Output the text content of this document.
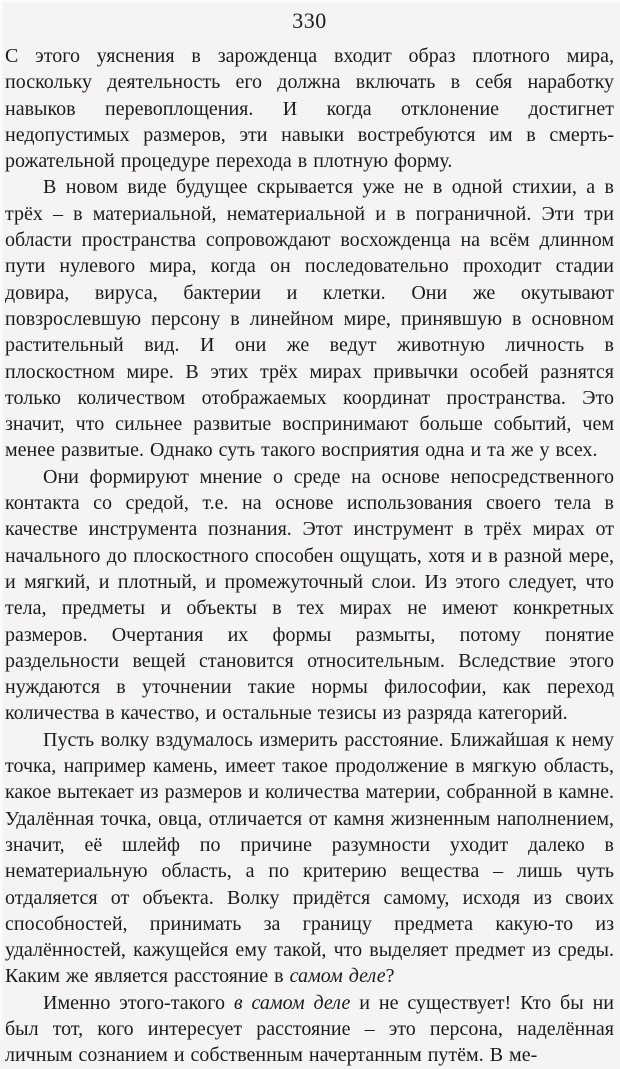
330

С этого уяснения в зарожденца входит образ плотного мира, поскольку деятельность его должна включать в себя наработку навыков перевоплощения. И когда отклонение достигнет недопустимых размеров, эти навыки востребуются им в смерть-рожательной процедуре перехода в плотную форму.

В новом виде будущее скрывается уже не в одной стихии, а в трёх – в материальной, нематериальной и в пограничной. Эти три области пространства сопровождают восхожденца на всём длинном пути нулевого мира, когда он последовательно проходит стадии довира, вируса, бактерии и клетки. Они же окутывают повзрослевшую персону в линейном мире, принявшую в основном растительный вид. И они же ведут животную личность в плоскостном мире. В этих трёх мирах привычки особей разнятся только количеством отображаемых координат пространства. Это значит, что сильнее развитые воспринимают больше событий, чем менее развитые. Однако суть такого восприятия одна и та же у всех.

Они формируют мнение о среде на основе непосредственного контакта со средой, т.е. на основе использования своего тела в качестве инструмента познания. Этот инструмент в трёх мирах от начального до плоскостного способен ощущать, хотя и в разной мере, и мягкий, и плотный, и промежуточный слои. Из этого следует, что тела, предметы и объекты в тех мирах не имеют конкретных размеров. Очертания их формы размыты, потому понятие раздельности вещей становится относительным. Вследствие этого нуждаются в уточнении такие нормы философии, как переход количества в качество, и остальные тезисы из разряда категорий.

Пусть волку вздумалось измерить расстояние. Ближайшая к нему точка, например камень, имеет такое продолжение в мягкую область, какое вытекает из размеров и количества материи, собранной в камне. Удалённая точка, овца, отличается от камня жизненным наполнением, значит, её шлейф по причине разумности уходит далеко в нематериальную область, а по критерию вещества – лишь чуть отдаляется от объекта. Волку придётся самому, исходя из своих способностей, принимать за границу предмета какую-то из удалённостей, кажущейся ему такой, что выделяет предмет из среды. Каким же является расстояние в самом деле?

Именно этого-такого в самом деле и не существует! Кто бы ни был тот, кого интересует расстояние – это персона, наделённая личным сознанием и собственным начертанным путём. В ме-
